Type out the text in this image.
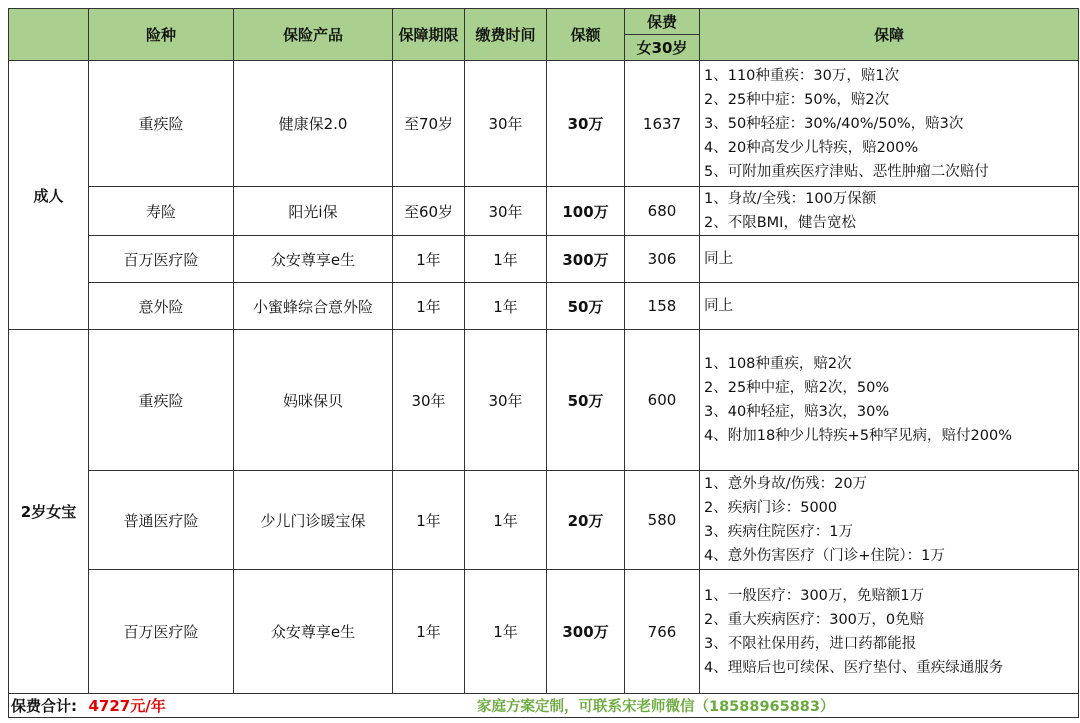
	险种	保险产品	保障期限	缴费时间	保额	保费	保障
						女30岁	
成人	重疾险	健康保2.0	至70岁	30年	30万	1637	1、110种重疾：30万，赔1次
2、25种中症：50%，赔2次
3、50种轻症：30%/40%/50%，赔3次
4、20种高发少儿特疾，赔200%
5、可附加重疾医疗津贴、恶性肿瘤二次赔付

	寿险	阳光i保	至60岁	30年	100万	680	1、身故/全残：100万保额
2、不限BMI，健告宽松

	百万医疗险	众安尊享e生	1年	1年	300万	306	同上

	意外险	小蜜蜂综合意外险	1年	1年	50万	158	同上

2岁女宝	重疾险	妈咪保贝	30年	30年	50万	600	1、108种重疾，赔2次
2、25种中症，赔2次，50%
3、40种轻症，赔3次，30%
4、附加18种少儿特疾+5种罕见病，赔付200%

	普通医疗险	少儿门诊暖宝保	1年	1年	20万	580	1、意外身故/伤残：20万
2、疾病门诊：5000
3、疾病住院医疗：1万
4、意外伤害医疗（门诊+住院）：1万

	百万医疗险	众安尊享e生	1年	1年	300万	766	1、一般医疗：300万，免赔额1万
2、重大疾病医疗：300万，0免赔
3、不限社保用药，进口药都能报
4、理赔后也可续保、医疗垫付、重疾绿通服务

保费合计:	4727元/年	家庭方案定制，可联系宋老师微信（18588965883）					
